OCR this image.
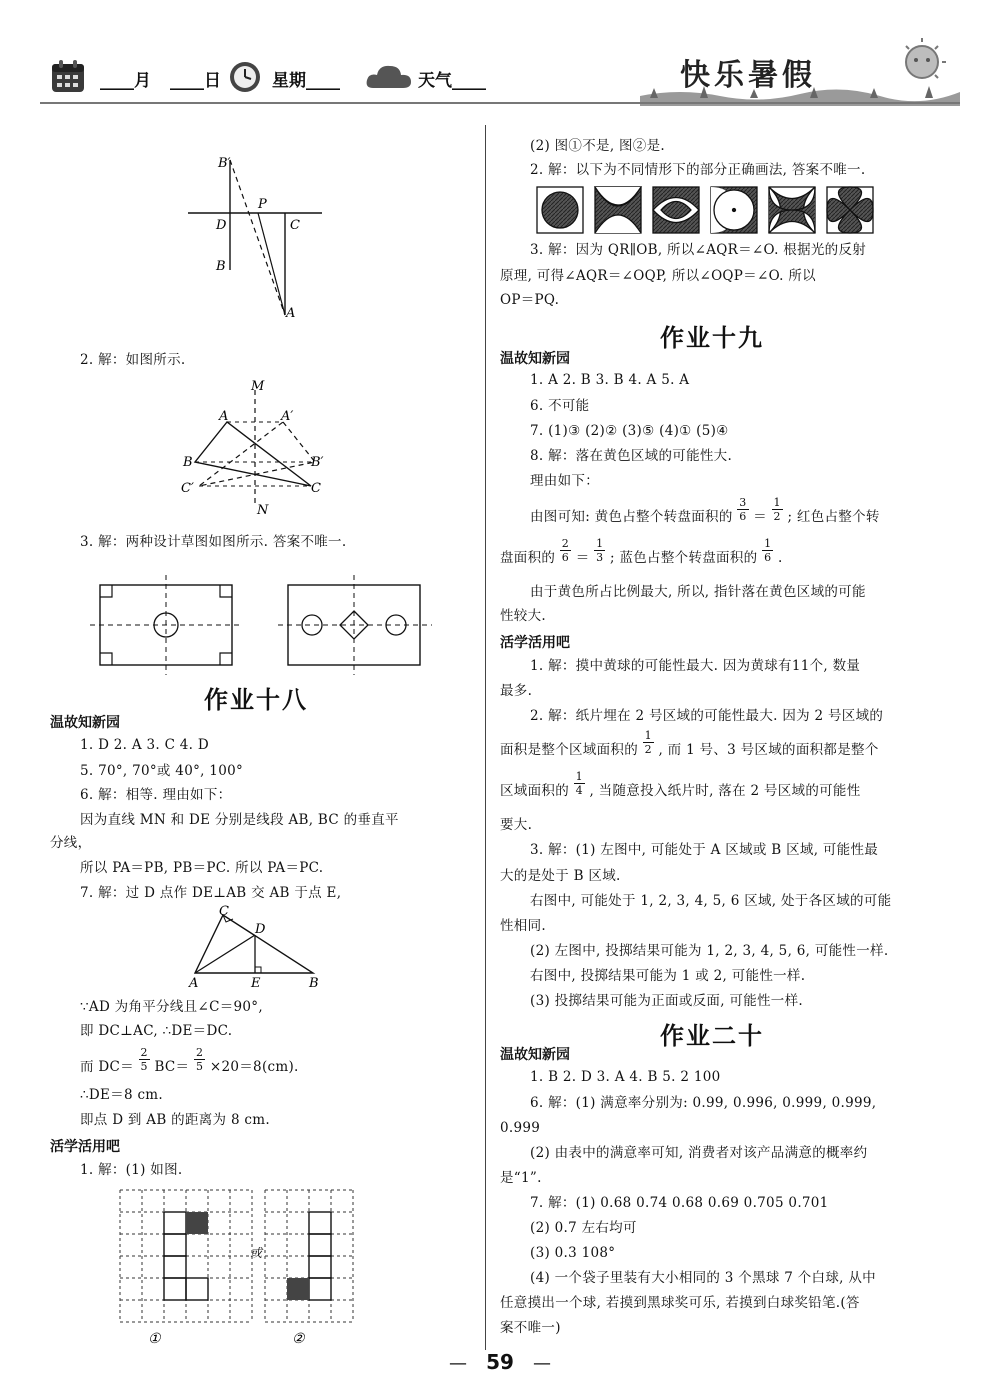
____月 ____日	星期____	天气____	快乐暑假
B′
P
D	C
B
A
2. 解：如图所示.
M
A	A′
B	B′
C′	C
N
3. 解：两种设计草图如图所示. 答案不唯一.
作业十八
温故知新园
1. D 2. A 3. C 4. D
5. 70°, 70°或 40°, 100°
6. 解：相等. 理由如下：
因为直线 MN 和 DE 分别是线段 AB, BC 的垂直平
分线，
所以 PA＝PB, PB＝PC. 所以 PA＝PC.
7. 解：过 D 点作 DE⊥AB 交 AB 于点 E,
C
D
A	E	B
∵AD 为角平分线且∠C＝90°,
即 DC⊥AC, ∴DE＝DC.
而 $DC= \frac{2}{5} BC= \frac{2}{5} \times 20=8(cm)$.
∴DE＝8 cm.
即点 D 到 AB 的距离为 8 cm.
活学活用吧
1. 解：(1) 如图.
或
①	②
(2) 图①不是, 图②是.
2. 解：以下为不同情形下的部分正确画法, 答案不唯一.
3. 解：因为 QR∥OB, 所以∠AQR＝∠O. 根据光的反射
原理, 可得∠AQR＝∠OQP, 所以∠OQP＝∠O. 所以
OP＝PQ.
作业十九
温故知新园
1. A 2. B 3. B 4. A 5. A
6. 不可能
7. (1)③ (2)② (3)⑤ (4)① (5)④
8. 解：落在黄色区域的可能性大.
理由如下：
由图可知: 黄色占整个转盘面积的 $\frac{3}{6} = \frac{1}{2}$ ; 红色占整个转
盘面积的 $\frac{2}{6} = \frac{1}{3}$ ; 蓝色占整个转盘面积的 $\frac{1}{6}$ .
由于黄色所占比例最大, 所以, 指针落在黄色区域的可能
性较大.
活学活用吧
1. 解：摸中黄球的可能性最大. 因为黄球有11个, 数量
最多.
2. 解：纸片埋在 2 号区域的可能性最大. 因为 2 号区域的
面积是整个区域面积的 $\frac{1}{2}$ , 而 1 号、3 号区域的面积都是整个
区域面积的 $\frac{1}{4}$ , 当随意投入纸片时, 落在 2 号区域的可能性
要大.
3. 解：(1) 左图中, 可能处于 A 区域或 B 区域, 可能性最
大的是处于 B 区域.
右图中, 可能处于 1, 2, 3, 4, 5, 6 区域, 处于各区域的可能
性相同.
(2) 左图中, 投掷结果可能为 1, 2, 3, 4, 5, 6, 可能性一样.
右图中, 投掷结果可能为 1 或 2, 可能性一样.
(3) 投掷结果可能为正面或反面, 可能性一样.
作业二十
温故知新园
1. B 2. D 3. A 4. B 5. 2 100
6. 解：(1) 满意率分别为: 0.99, 0.996, 0.999, 0.999,
0.999
(2) 由表中的满意率可知, 消费者对该产品满意的概率约
是“1”.
7. 解：(1) 0.68 0.74 0.68 0.69 0.705 0.701
(2) 0.7 左右均可
(3) 0.3 108°
(4) 一个袋子里装有大小相同的 3 个黑球 7 个白球, 从中
任意摸出一个球, 若摸到黑球奖可乐, 若摸到白球奖铅笔.(答
案不唯一)
— 59 —
